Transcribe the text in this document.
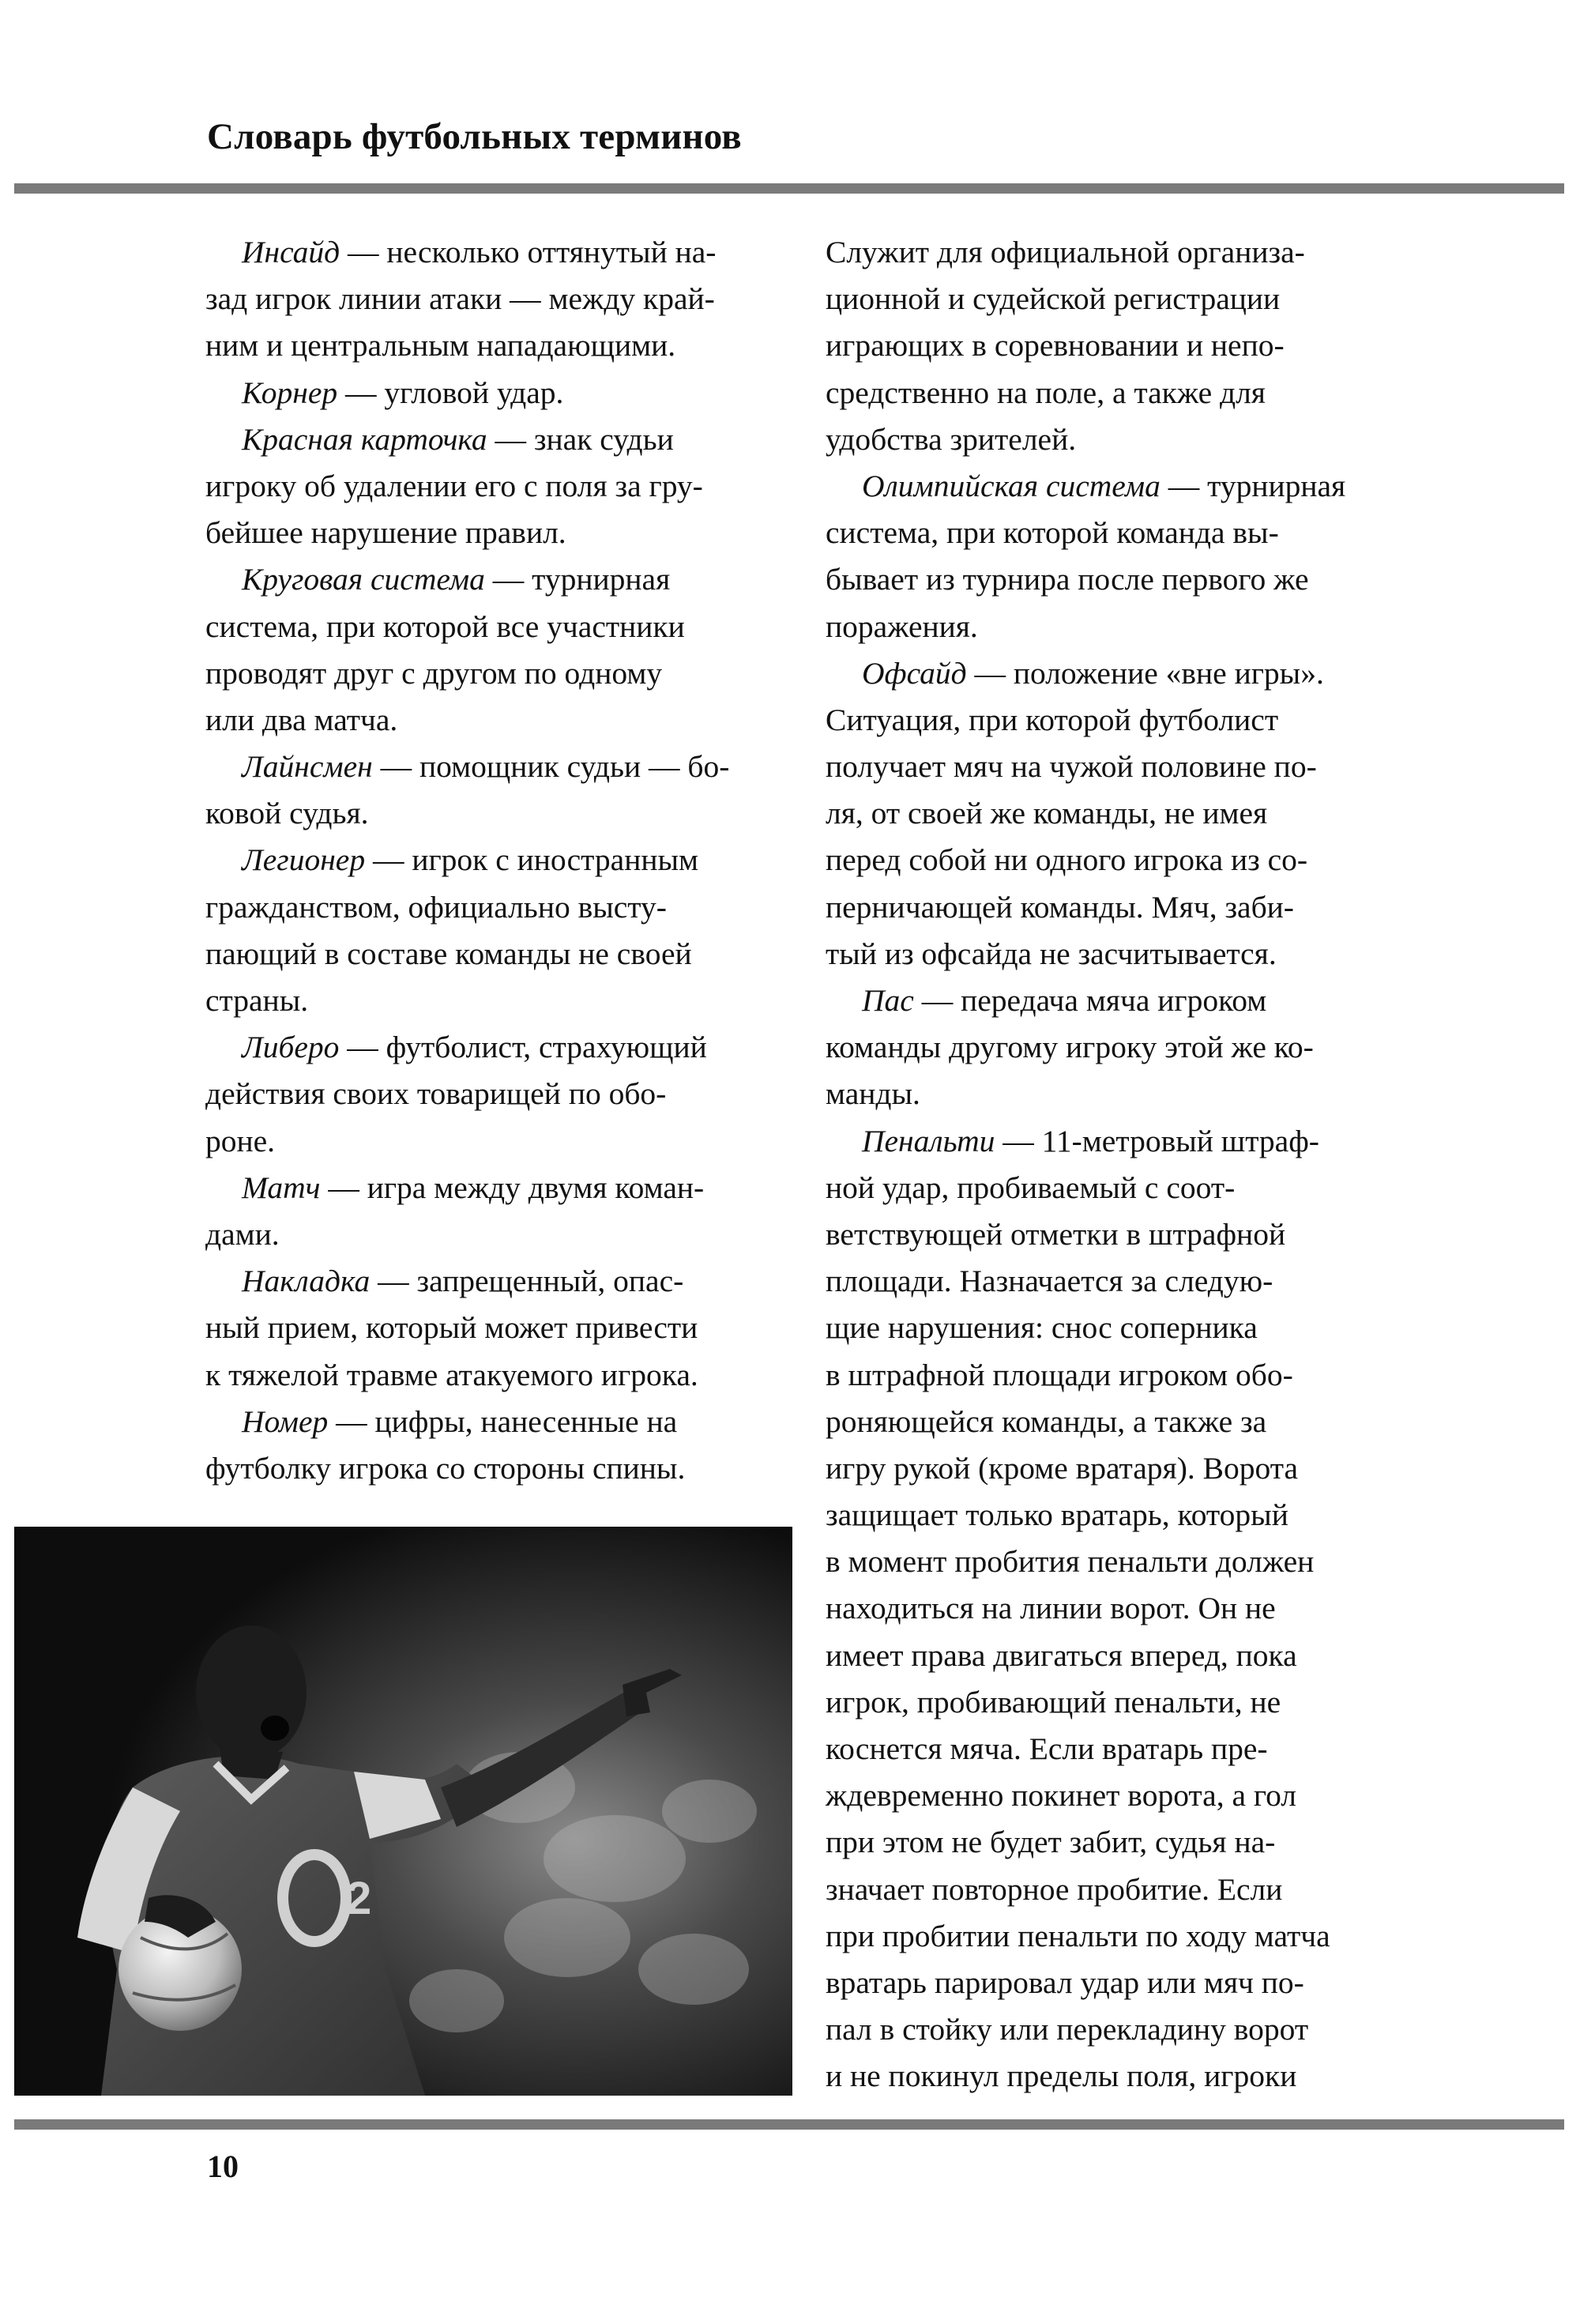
Словарь футбольных терминов
Инсайд — несколько оттянутый на-
зад игрок линии атаки — между край-
ним и центральным нападающими.
Корнер — угловой удар.
Красная карточка — знак судьи
игроку об удалении его с поля за гру-
бейшее нарушение правил.
Круговая система — турнирная
система, при которой все участники
проводят друг с другом по одному
или два матча.
Лайнсмен — помощник судьи — бо-
ковой судья.
Легионер — игрок с иностранным
гражданством, официально высту-
пающий в составе команды не своей
страны.
Либеро — футболист, страхующий
действия своих товарищей по обо-
роне.
Матч — игра между двумя коман-
дами.
Накладка — запрещенный, опас-
ный прием, который может привести
к тяжелой травме атакуемого игрока.
Номер — цифры, нанесенные на
футболку игрока со стороны спины.
Служит для официальной организа-
ционной и судейской регистрации
играющих в соревновании и непо-
средственно на поле, а также для
удобства зрителей.
Олимпийская система — турнирная
система, при которой команда вы-
бывает из турнира после первого же
поражения.
Офсайд — положение «вне игры».
Ситуация, при которой футболист
получает мяч на чужой половине по-
ля, от своей же команды, не имея
перед собой ни одного игрока из со-
перничающей команды. Мяч, заби-
тый из офсайда не засчитывается.
Пас — передача мяча игроком
команды другому игроку этой же ко-
манды.
Пенальти — 11-метровый штраф-
ной удар, пробиваемый с соот-
ветствующей отметки в штрафной
площади. Назначается за следую-
щие нарушения: снос соперника
в штрафной площади игроком обо-
роняющейся команды, а также за
игру рукой (кроме вратаря). Ворота
защищает только вратарь, который
в момент пробития пенальти должен
находиться на линии ворот. Он не
имеет права двигаться вперед, пока
игрок, пробивающий пенальти, не
коснется мяча. Если вратарь пре-
ждевременно покинет ворота, а гол
при этом не будет забит, судья на-
значает повторное пробитие. Если
при пробитии пенальти по ходу матча
вратарь парировал удар или мяч по-
пал в стойку или перекладину ворот
и не покинул пределы поля, игроки
2
10
